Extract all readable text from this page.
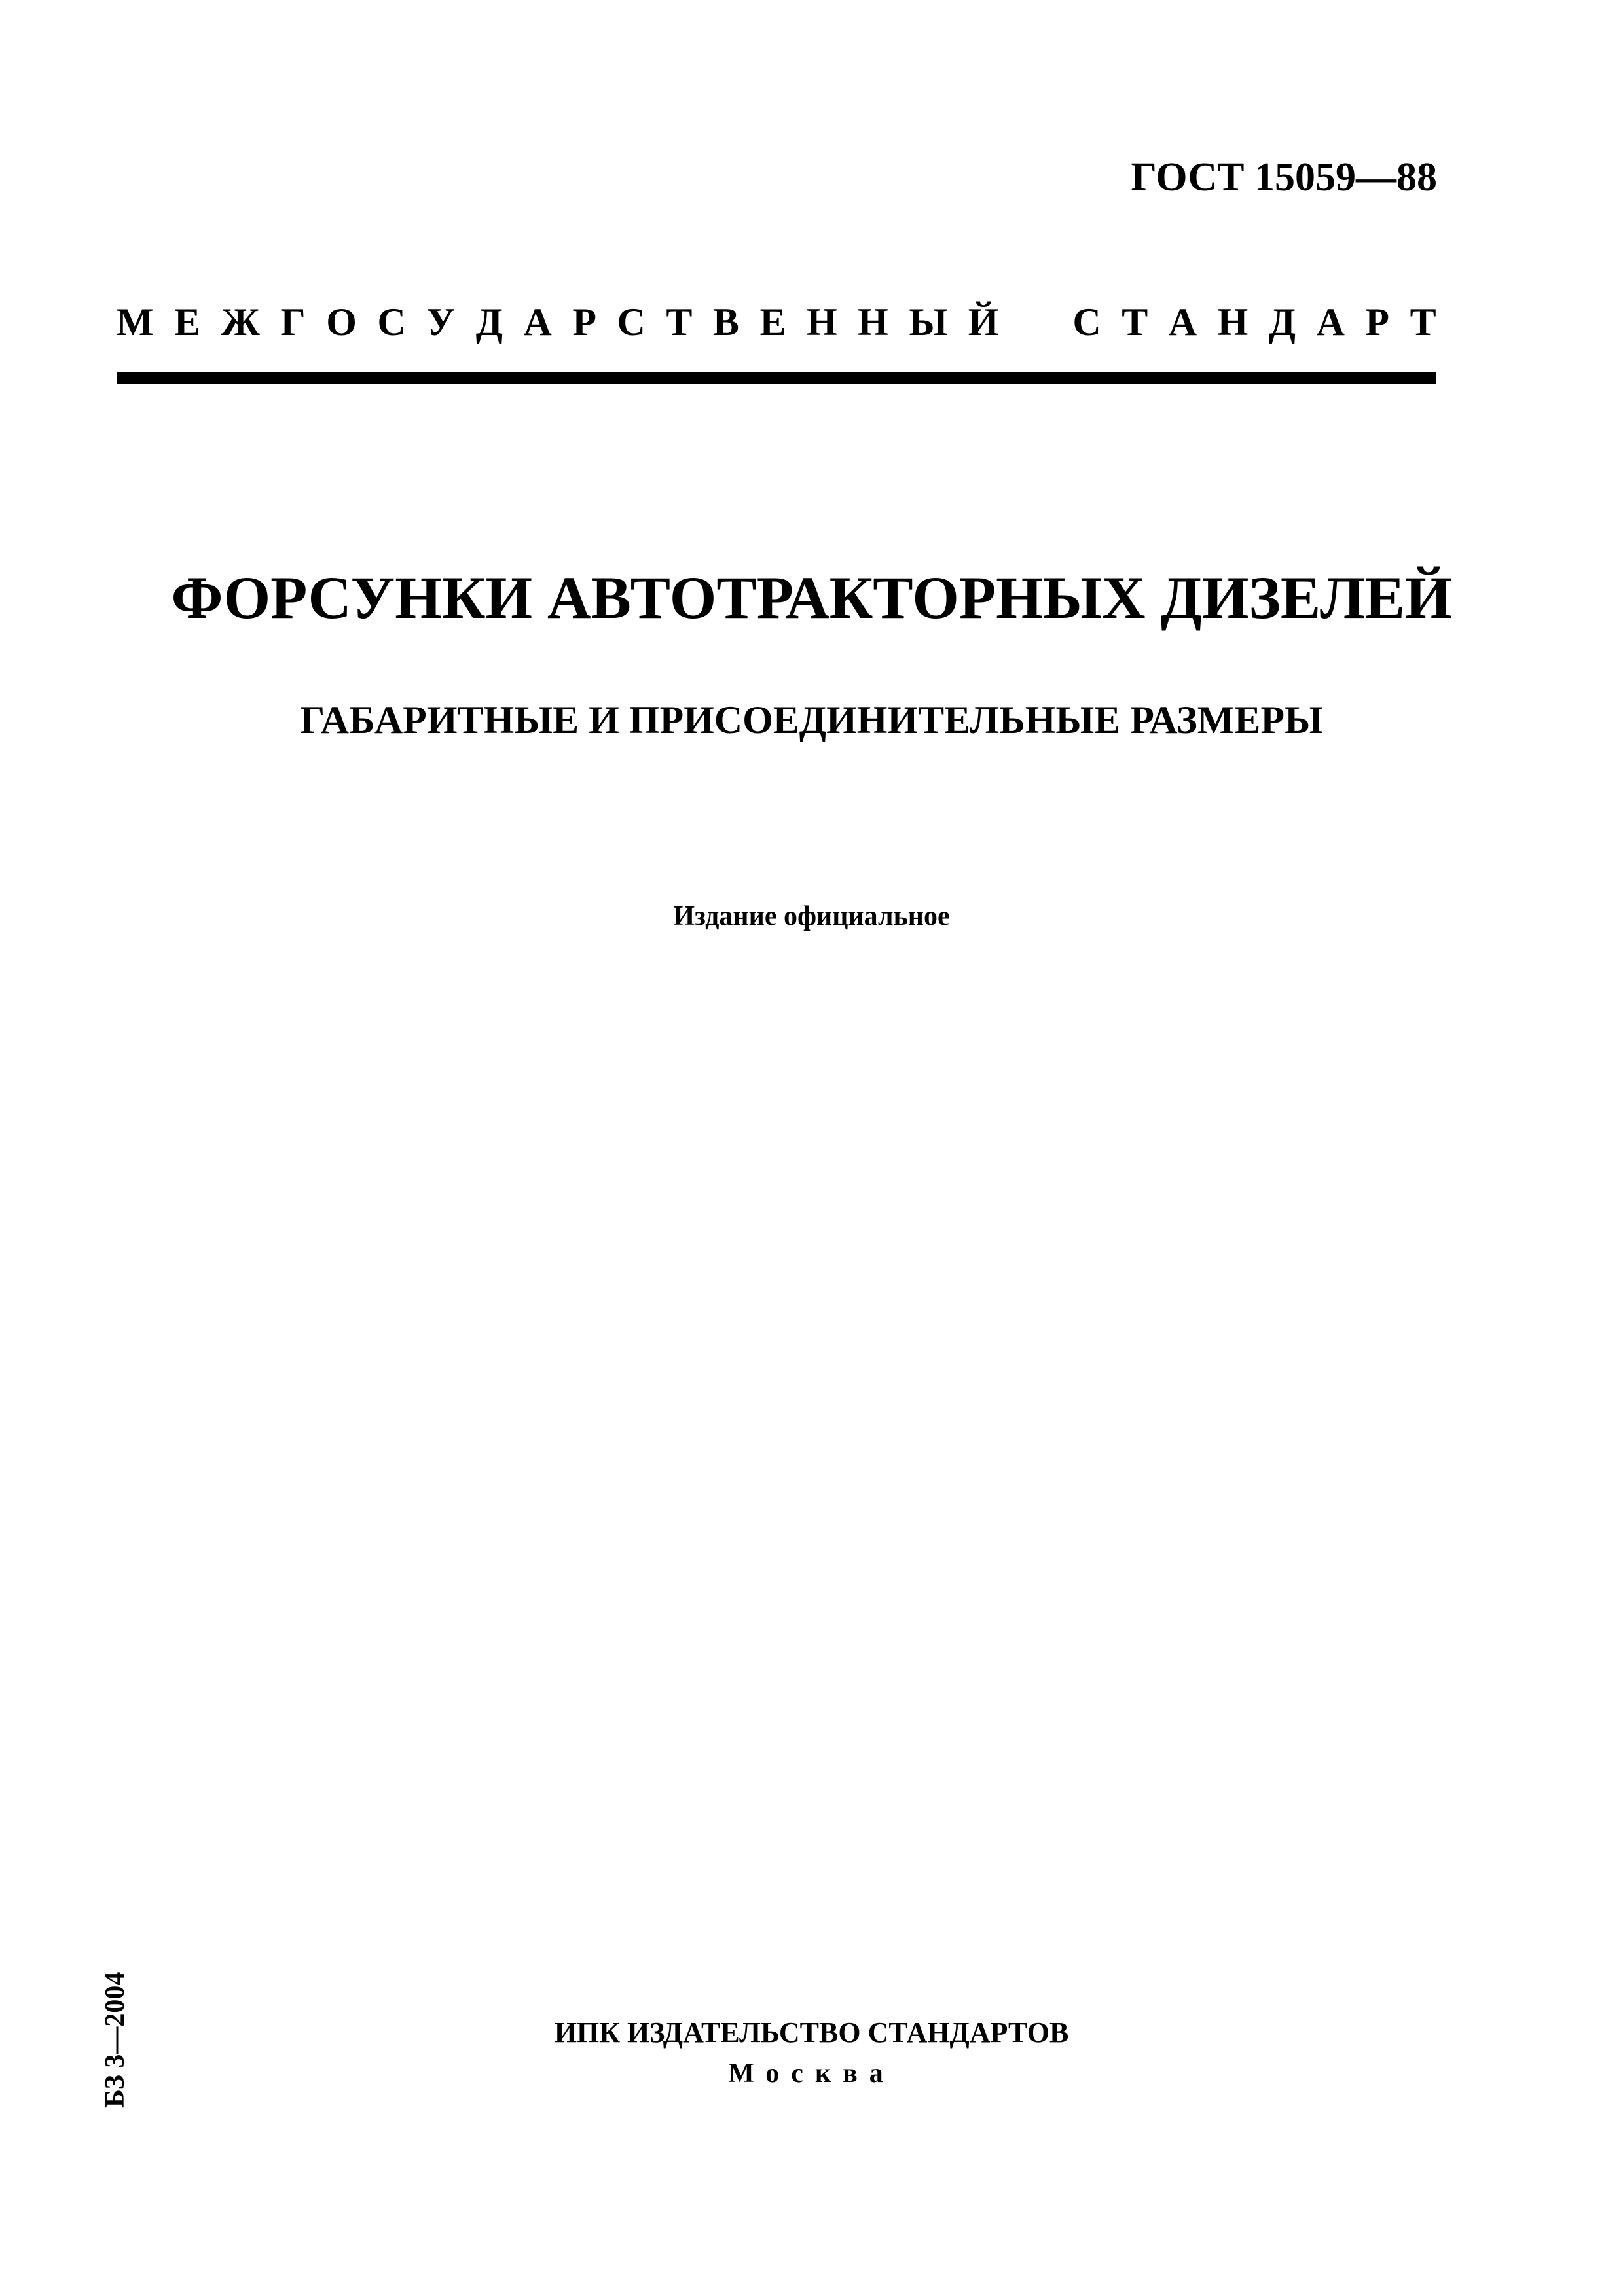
ГОСТ 15059—88
М Е Ж Г О С У Д А Р С Т В Е Н Н Ы Й С Т А Н Д А Р Т
ФОРСУНКИ АВТОТРАКТОРНЫХ ДИЗЕЛЕЙ
ГАБАРИТНЫЕ И ПРИСОЕДИНИТЕЛЬНЫЕ РАЗМЕРЫ
Издание официальное
БЗ 3—2004	ИПК ИЗДАТЕЛЬСТВО СТАНДАРТОВ
Москва
